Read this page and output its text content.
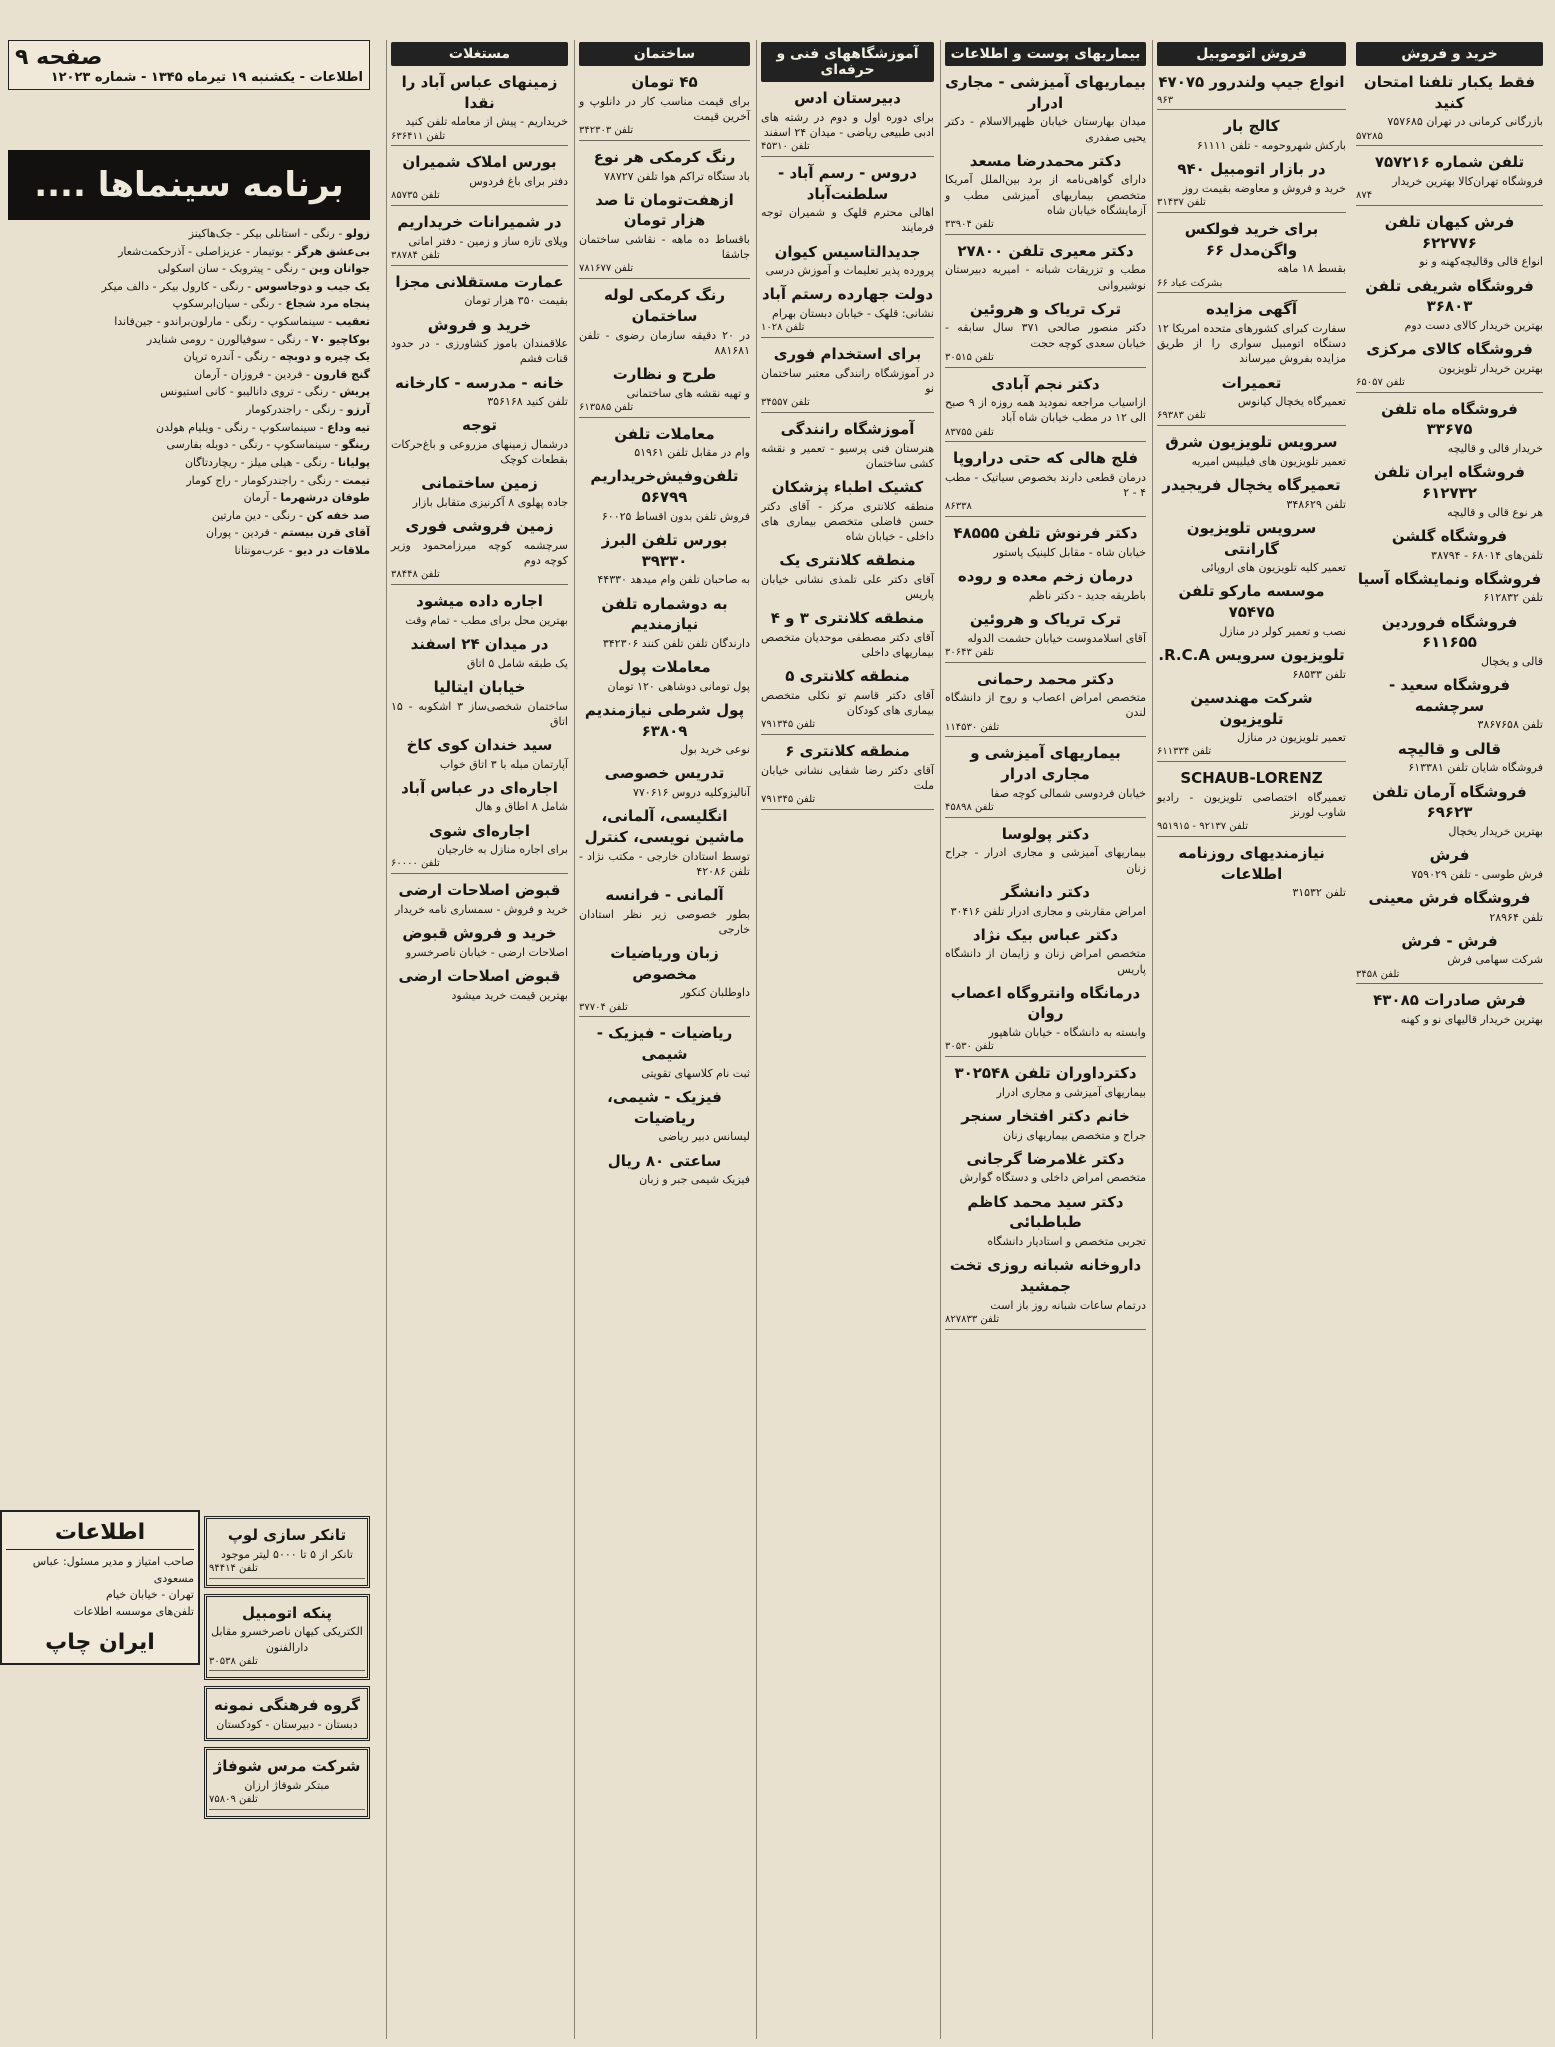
صفحه ۹
اطلاعات - یکشنبه ۱۹ تیرماه ۱۳۴۵ - شماره ۱۲۰۲۳
برنامه سینماها ....
زولو - رنگی - استانلی بیکر - جک‌هاکینز
بی‌عشق هرگز - بوتیمار - عزیزاصلی - آذرحکمت‌شعار
جوانان وین - رنگی - پیتروبک - سان اسکولی
یک جیب و دوجاسوس - رنگی - کارول بیکر - دالف میکر
پنجاه مرد شجاع - رنگی - سیان‌ابرسکوپ
تعقیب - سینماسکوپ - رنگی - مارلون‌براندو - جین‌فاندا
بوکاچیو ۷۰ - رنگی - سوفیالورن - رومی شنایدر
یک چیره و دوبچه - رنگی - آندره ترپان
گنج قارون - فردین - فروزان - آرمان
پریش - رنگی - تروی دانالیبو - کانی استیونس
آرزو - رنگی - راجندرکومار
تیه وداع - سینماسکوپ - رنگی - ویلیام هولدن
رینگو - سینماسکوپ - رنگی - دوبله بفارسی
پولیانا - رنگی - هیلی میلز - ریچاردتاگان
تیمت - رنگی - راجندرکومار - راج کومار
طوفان درشهرما - آرمان
صد خفه کن - رنگی - دین مارتین
آقای قرن بیستم - فردین - پوران
ملاقات در دیو - عرب‌مونتانا
تانکر سازی لوپ
تانکر از ۵ تا ۵۰۰۰ لیتر موجود
تلفن ۹۴۴۱۴
پنکه اتومبیل
الکتریکی کیهان ناصرخسرو مقابل دارالفنون
تلفن ۳۰۵۳۸
گروه فرهنگی نمونه
دبستان - دبیرستان - کودکستان
شرکت مرس شوفاژ
مبتکر شوفاژ ارزان
تلفن ۷۵۸۰۹
اطلاعات
صاحب امتیاز و مدیر مسئول: عباس مسعودی
تهران - خیابان خیام
تلفن‌های موسسه اطلاعات
ایران چاپ
بیماریهای پوست و اطلاعات
بیماریهای آمیزشی - مجاری ادرار
میدان بهارستان خیابان ظهیرالاسلام - دکتر یحیی صفدری
دکتر محمدرضا مسعد
دارای گواهی‌نامه از برد بین‌الملل آمریکا متخصص بیماریهای آمیزشی مطب و آزمایشگاه خیابان شاه
تلفن ۳۳۹۰۴
دکتر معیری تلفن ۲۷۸۰۰
مطب و تزریقات شبانه - امیریه دبیرستان نوشیروانی
ترک تریاک و هروئین
دکتر منصور صالحی ۳۷۱ سال سابقه - خیابان سعدی کوچه حجت
تلفن ۳۰۵۱۵
دکتر نجم آبادی
ازاسیاب مراجعه نمودید همه روزه از ۹ صبح الی ۱۲ در مطب خیابان شاه آباد
تلفن ۸۳۷۵۵
فلج هالی که حتی دراروپا
درمان قطعی دارند بخصوص سیاتیک - مطب ۴ - ۲
۸۶۳۳۸
دکتر فرنوش تلفن ۴۸۵۵۵
خیابان شاه - مقابل کلینیک پاستور
درمان زخم معده و روده
باطریقه جدید - دکتر ناظم
ترک تریاک و هروئین
آقای اسلامدوست خیابان حشمت الدوله
تلفن ۳۰۶۴۳
دکتر محمد رحمانی
متخصص امراض اعصاب و روح از دانشگاه لندن
تلفن ۱۱۴۵۳۰
بیماریهای آمیزشی و مجاری ادرار
خیابان فردوسی شمالی کوچه صفا
تلفن ۴۵۸۹۸
دکتر پولوسا
بیماریهای آمیزشی و مجاری ادرار - جراح زنان
دکتر دانشگر
امراض مقاربتی و مجاری ادرار تلفن ۳۰۴۱۶
دکتر عباس بیک نژاد
متخصص امراض زنان و زایمان از دانشگاه پاریس
درمانگاه وانتروگاه اعصاب روان
وابسته به دانشگاه - خیابان شاهپور
تلفن ۳۰۵۳۰
دکترداوران تلفن ۳۰۲۵۴۸
بیماریهای آمیزشی و مجاری ادرار
خانم دکتر افتخار سنجر
جراح و متخصص بیماریهای زنان
دکتر غلامرضا گرجانی
متخصص امراض داخلی و دستگاه گوارش
دکتر سید محمد کاظم طباطبائی
تجربی متخصص و استادیار دانشگاه
داروخانه شبانه روزی تخت جمشید
درتمام ساعات شبانه روز باز است
تلفن ۸۲۷۸۳۳
آموزشگاههای فنی و حرفه‌ای
دبیرستان ادس
برای دوره اول و دوم در رشته های ادبی طبیعی ریاضی - میدان ۲۴ اسفند
تلفن ۴۵۳۱۰
دروس - رسم آباد - سلطنت‌آباد
اهالی محترم قلهک و شمیران توجه فرمایند
جدیدالتاسیس کیوان
پرورده پذیر تعلیمات و آموزش درسی
دولت جهارده رستم آباد
نشانی: قلهک - خیابان دبستان بهرام
تلفن ۱۰۲۸
برای استخدام فوری
در آموزشگاه رانندگی معتبر ساختمان نو
تلفن ۳۴۵۵۷
آموزشگاه رانندگی
هنرستان فنی پرسیو - تعمیر و نقشه کشی ساختمان
کشیک اطباء پزشکان
منطقه کلانتری مرکز - آقای دکتر حسن فاضلی متخصص بیماری های داخلی - خیابان شاه
منطقه کلانتری یک
آقای دکتر علی تلمذی نشانی خیابان پاریس
منطقه کلانتری ۳ و ۴
آقای دکتر مصطفی موحدیان متخصص بیماریهای داخلی
منطقه کلانتری ۵
آقای دکتر قاسم تو نکلی متخصص بیماری های کودکان
تلفن ۷۹۱۳۴۵
منطقه کلانتری ۶
آقای دکتر رضا شفایی نشانی خیابان ملت
تلفن ۷۹۱۳۴۵
ساختمان
۴۵ تومان
برای قیمت مناسب کار در دانلوپ و آخرین قیمت
تلفن ۳۴۲۳۰۳
رنگ کرمکی هر نوع
باد ستگاه تراکم هوا تلفن ۷۸۷۲۷
ازهفت‌تومان تا صد هزار تومان
باقساط ده ماهه - نقاشی ساختمان جاشقا
تلفن ۷۸۱۶۷۷
رنگ کرمکی لوله ساختمان
در ۲۰ دقیقه سازمان رضوی - تلفن ۸۸۱۶۸۱
طرح و نظارت
و تهیه نقشه های ساختمانی
تلفن ۶۱۳۵۸۵
معاملات تلفن
وام در مقابل تلفن ۵۱۹۶۱
تلفن‌وفیش‌خریداریم ۵۶۷۹۹
فروش تلفن بدون اقساط ۶۰۰۲۵
بورس تلفن البرز ۳۹۳۳۰
به صاحبان تلفن وام میدهد ۴۴۳۳۰
به دوشماره تلفن نیازمندیم
دارندگان تلفن تلفن کنند ۳۴۲۳۰۶
معاملات پول
پول تومانی دوشاهی ۱۲۰ تومان
پول شرطی نیازمندیم ۶۳۸۰۹
نوعی خرید بول
تدریس خصوصی
آنالیزوکلیه دروس ۷۷۰۶۱۶
انگلیسی، آلمانی، ماشین نویسی، کنترل
توسط استادان خارجی - مکتب نژاد - تلفن ۴۲۰۸۶
آلمانی - فرانسه
بطور خصوصی زیر نظر استادان خارجی
زبان وریاضیات مخصوص
داوطلبان کنکور
تلفن ۳۷۷۰۴
ریاضیات - فیزیک - شیمی
ثبت نام کلاسهای تقویتی
فیزیک - شیمی، ریاضیات
لیسانس دبیر ریاضی
ساعتی ۸۰ ریال
فیزیک شیمی جبر و زبان
مستغلات
زمینهای عباس آباد را نقدا
خریداریم - پیش از معامله تلفن کنید
تلفن ۶۳۶۴۱۱
بورس املاک شمیران
دفتر برای باغ فردوس
تلفن ۸۵۷۳۵
در شمیرانات خریداریم
ویلای تازه ساز و زمین - دفتر امانی
تلفن ۳۸۷۸۴
عمارت مستقلانی مجزا
بقیمت ۳۵۰ هزار تومان
خرید و فروش
علاقمندان باموز کشاورزی - در حدود قنات فشم
خانه - مدرسه - کارخانه
تلفن کنید ۳۵۶۱۶۸
توجه
درشمال زمینهای مزروعی و باغ‌حرکات بقطعات کوچک
زمین ساختمانی
جاده پهلوی ۸ آکرنیزی متقابل بازار
زمین فروشی فوری
سرچشمه کوچه میرزامحمود وزیر کوچه دوم
تلفن ۳۸۴۴۸
اجاره داده میشود
بهترین محل برای مطب - تمام وقت
در میدان ۲۴ اسفند
یک طبقه شامل ۵ اتاق
خیابان ایتالیا
ساختمان شخصی‌ساز ۳ اشکوبه - ۱۵ اتاق
سید خندان کوی کاخ
آپارتمان مبله با ۳ اتاق خواب
اجاره‌ای در عباس آباد
شامل ۸ اطاق و هال
اجاره‌ای شوی
برای اجاره منازل به خارجیان
تلفن ۶۰۰۰۰
قبوض اصلاحات ارضی
خرید و فروش - سمساری نامه خریدار
خرید و فروش قبوض
اصلاحات ارضی - خیابان ناصرخسرو
قبوض اصلاحات ارضی
بهترین قیمت خرید میشود
فروش اتوموبیل
انواع جیپ ولندرور ۴۷۰۷۵
۹۶۳
کالج بار
بارکش شهروحومه - تلفن ۶۱۱۱۱
در بازار اتومبیل ۹۴۰
خرید و فروش و معاوضه بقیمت روز
تلفن ۳۱۴۳۷
برای خرید فولکس واگن‌مدل ۶۶
بقسط ۱۸ ماهه
۶۶ بشرکت عباد
آگهی مزایده
سفارت کبرای کشورهای متحده امریکا ۱۲ دستگاه اتومبیل سواری را از طریق مزایده بفروش میرساند
تعمیرات
تعمیرگاه یخچال کیانوس
تلفن ۶۹۳۸۳
سرویس تلویزیون شرق
تعمیر تلویزیون های فیلیپس امیریه
تعمیرگاه یخچال فریجیدر
تلفن ۳۴۸۶۲۹
سرویس تلویزیون گارانتی
تعمیر کلیه تلویزیون های اروپائی
موسسه مارکو تلفن ۷۵۴۷۵
نصب و تعمیر کولر در منازل
تلویزیون سرویس R.C.A.
تلفن ۶۸۵۳۳
شرکت مهندسین تلویزیون
تعمیر تلویزیون در منازل
تلفن ۶۱۱۳۳۴
SCHAUB-LORENZ
تعمیرگاه اختصاصی تلویزیون - رادیو شاوب لورنز
تلفن ۹۲۱۳۷ - ۹۵۱۹۱۵
نیازمندیهای روزنامه اطلاعات
تلفن ۳۱۵۳۲
خرید و فروش
فقط یکبار تلفنا امتحان کنید
بازرگانی کرمانی در تهران ۷۵۷۶۸۵
۵۷۲۸۵
تلفن شماره ۷۵۷۲۱۶
فروشگاه تهران‌کالا بهترین خریدار
۸۷۴
فرش کیهان تلفن ۶۲۲۷۷۶
انواع قالی وقالیچه‌کهنه و نو
فروشگاه شریفی تلفن ۳۶۸۰۳
بهترین خریدار کالای دست دوم
فروشگاه کالای مرکزی
بهترین خریدار تلویزیون
تلفن ۶۵۰۵۷
فروشگاه ماه تلفن ۳۳۶۷۵
خریدار قالی و قالیچه
فروشگاه ایران تلفن ۶۱۲۷۳۲
هر نوع قالی و قالیچه
فروشگاه گلشن
تلفن‌های ۶۸۰۱۴ - ۳۸۷۹۴
فروشگاه ونمایشگاه آسیا
تلفن ۶۱۲۸۳۲
فروشگاه فروردین ۶۱۱۶۵۵
قالی و یخچال
فروشگاه سعید - سرچشمه
تلفن ۳۸۶۷۶۵۸
قالی و قالیچه
فروشگاه شایان تلفن ۶۱۳۳۸۱
فروشگاه آرمان تلفن ۶۹۶۲۳
بهترین خریدار یخچال
فرش
فرش طوسی - تلفن ۷۵۹۰۲۹
فروشگاه فرش معینی
تلفن ۲۸۹۶۴
فرش - فرش
شرکت سهامی فرش
تلفن ۳۴۵۸
فرش صادرات ۴۳۰۸۵
بهترین خریدار قالیهای نو و کهنه
